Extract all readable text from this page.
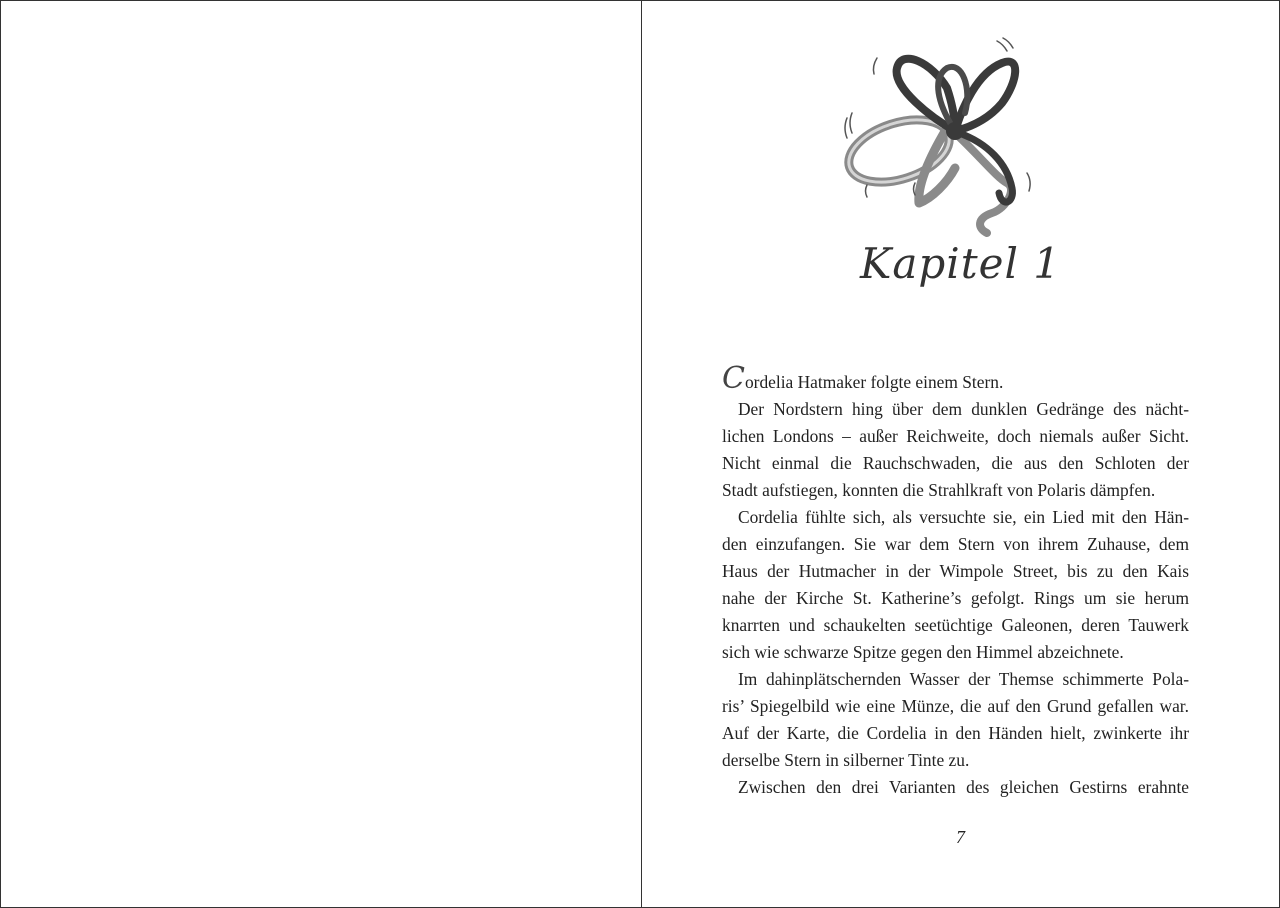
Kapitel 1
Cordelia Hatmaker folgte einem Stern.
Der Nordstern hing über dem dunklen Gedränge des nächt-
lichen Londons – außer Reichweite, doch niemals außer Sicht.
Nicht einmal die Rauchschwaden, die aus den Schloten der
Stadt aufstiegen, konnten die Strahlkraft von Polaris dämpfen.
Cordelia fühlte sich, als versuchte sie, ein Lied mit den Hän-
den einzufangen. Sie war dem Stern von ihrem Zuhause, dem
Haus der Hutmacher in der Wimpole Street, bis zu den Kais
nahe der Kirche St. Katherine’s gefolgt. Rings um sie herum
knarrten und schaukelten seetüchtige Galeonen, deren Tauwerk
sich wie schwarze Spitze gegen den Himmel abzeichnete.
Im dahinplätschernden Wasser der Themse schimmerte Pola-
ris’ Spiegelbild wie eine Münze, die auf den Grund gefallen war.
Auf der Karte, die Cordelia in den Händen hielt, zwinkerte ihr
derselbe Stern in silberner Tinte zu.
Zwischen den drei Varianten des gleichen Gestirns erahnte
7
